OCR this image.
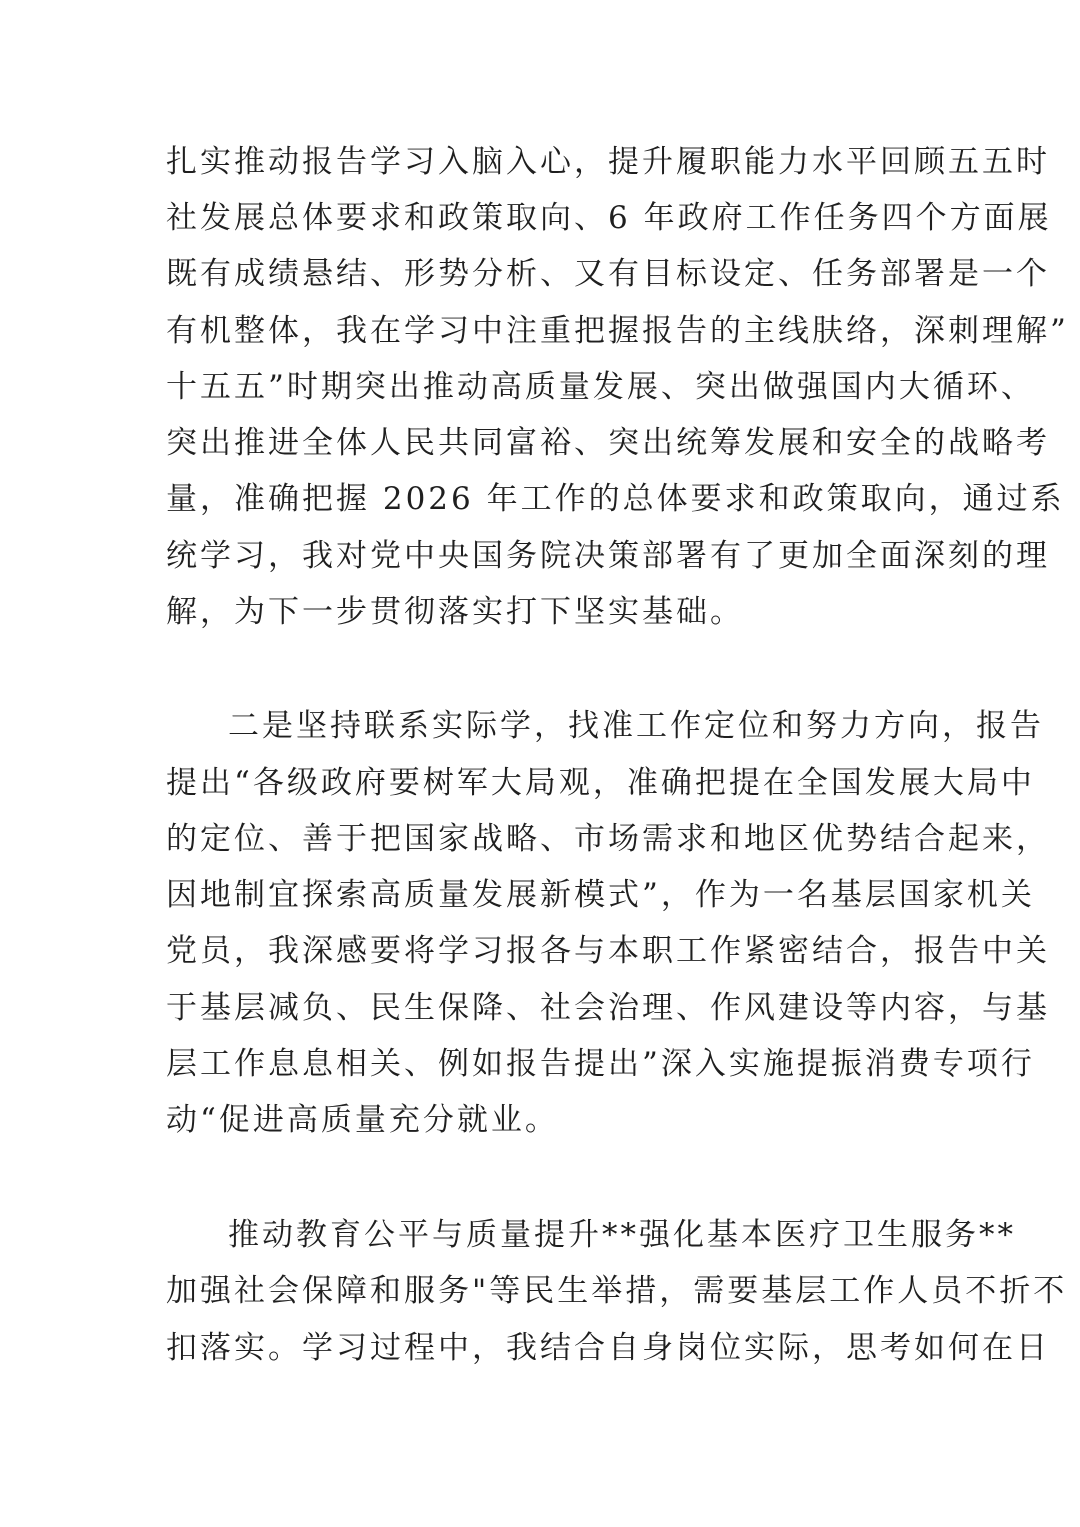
扎实推动报告学习入脑入心，提升履职能力水平回顾五五时
社发展总体要求和政策取向、6 年政府工作任务四个方面展
既有成绩悬结、形势分析、又有目标设定、任务部署是一个
有机整体，我在学习中注重把握报告的主线肤络，深刺理解”
十五五”时期突出推动高质量发展、突出做强国内大循环、
突出推进全体人民共同富裕、突出统筹发展和安全的战略考
量，准确把握 2026 年工作的总体要求和政策取向，通过系
统学习，我对党中央国务院决策部署有了更加全面深刻的理
解，为下一步贯彻落实打下坚实基础。
二是坚持联系实际学，找准工作定位和努力方向，报告
提出“各级政府要树军大局观，准确把提在全国发展大局中
的定位、善于把国家战略、市场需求和地区优势结合起来，
因地制宜探索高质量发展新模式”，作为一名基层国家机关
党员，我深感要将学习报各与本职工作紧密结合，报告中关
于基层减负、民生保降、社会治理、作风建设等内容，与基
层工作息息相关、例如报告提出”深入实施提振消费专项行
动“促进高质量充分就业。
推动教育公平与质量提升**强化基本医疗卫生服务**
加强社会保障和服务"等民生举措，需要基层工作人员不折不
扣落实。学习过程中，我结合自身岗位实际，思考如何在日
